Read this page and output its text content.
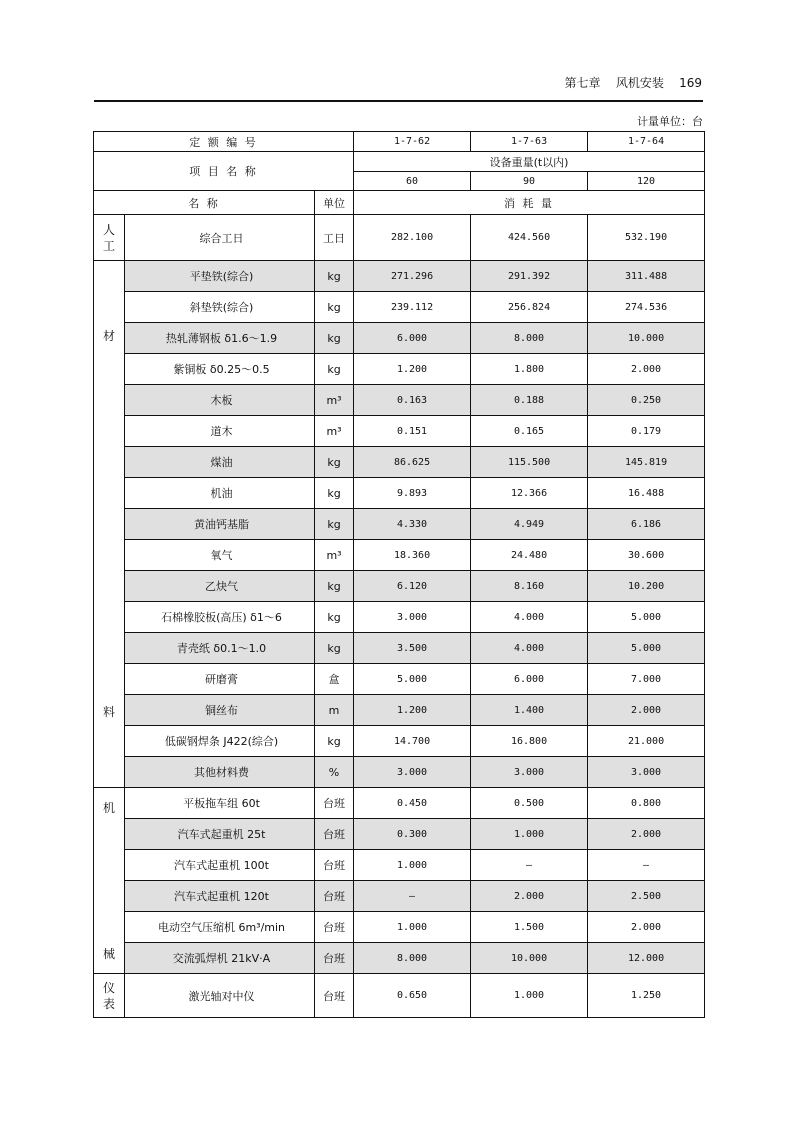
第七章 风机安装 169
计量单位：台
定 额 编 号			1-7-62	1-7-63	1-7-64
项 目 名 称			设备重量(t以内)		
			60	90	120
名 称		单位	消 耗 量		

人
工	综合工日	工日	282.100	424.560	532.190

材
料	平垫铁(综合)	kg	271.296	291.392	311.488
	斜垫铁(综合)	kg	239.112	256.824	274.536
	热轧薄钢板 δ1.6～1.9	kg	6.000	8.000	10.000
	紫铜板 δ0.25～0.5	kg	1.200	1.800	2.000
	木板	m³	0.163	0.188	0.250
	道木	m³	0.151	0.165	0.179
	煤油	kg	86.625	115.500	145.819
	机油	kg	9.893	12.366	16.488
	黄油钙基脂	kg	4.330	4.949	6.186
	氧气	m³	18.360	24.480	30.600
	乙炔气	kg	6.120	8.160	10.200
	石棉橡胶板(高压) δ1～6	kg	3.000	4.000	5.000
	青壳纸 δ0.1～1.0	kg	3.500	4.000	5.000
	研磨膏	盒	5.000	6.000	7.000
	铜丝布	m	1.200	1.400	2.000
	低碳钢焊条 J422(综合)	kg	14.700	16.800	21.000
	其他材料费	%	3.000	3.000	3.000

机
械	平板拖车组 60t	台班	0.450	0.500	0.800
	汽车式起重机 25t	台班	0.300	1.000	2.000
	汽车式起重机 100t	台班	1.000	—	—
	汽车式起重机 120t	台班	—	2.000	2.500
	电动空气压缩机 6m³/min	台班	1.000	1.500	2.000
	交流弧焊机 21kV·A	台班	8.000	10.000	12.000

仪
表	激光轴对中仪	台班	0.650	1.000	1.250
